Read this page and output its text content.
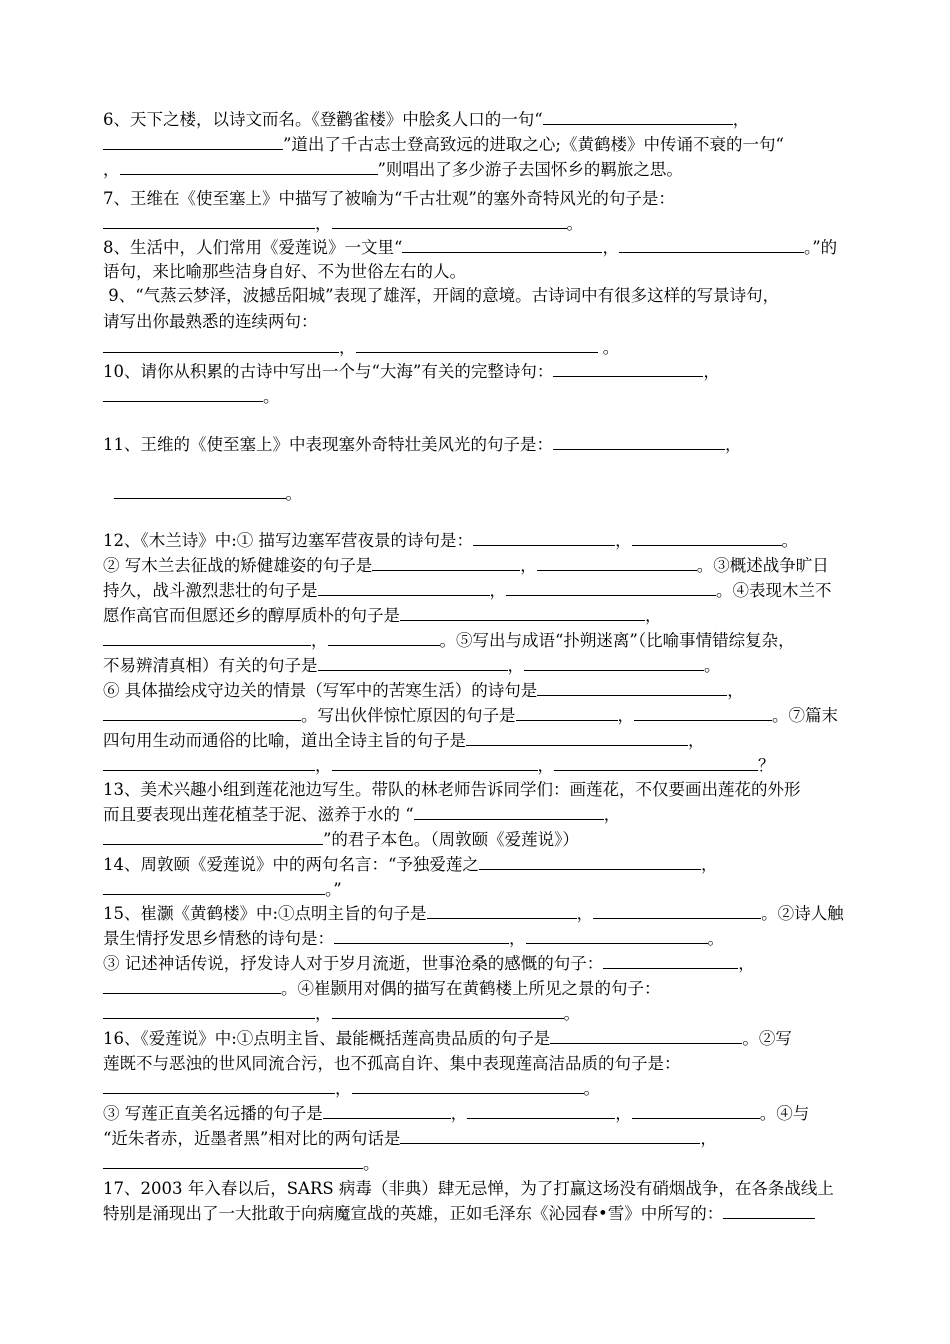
6、天下之楼，以诗文而名。《登鹳雀楼》中脍炙人口的一句“	，
”道出了千古志士登高致远的进取之心;《黄鹤楼》中传诵不衰的一句“
，	”则唱出了多少游子去国怀乡的羁旅之思。
7、王维在《使至塞上》中描写了被喻为“千古壮观”的塞外奇特风光的句子是：
，	。
8、生活中，人们常用《爱莲说》一文里“	，	。”的
语句，来比喻那些洁身自好、不为世俗左右的人。
9、“气蒸云梦泽，波撼岳阳城”表现了雄浑，开阔的意境。古诗词中有很多这样的写景诗句，
请写出你最熟悉的连续两句：
，	。
10、请你从积累的古诗中写出一个与“大海”有关的完整诗句：	，
。
11、王维的《使至塞上》中表现塞外奇特壮美风光的句子是：	，
。
12、《木兰诗》中:① 描写边塞军营夜景的诗句是：	，	。
② 写木兰去征战的矫健雄姿的句子是	，	。③概述战争旷日
持久，战斗激烈悲壮的句子是	，	。④表现木兰不
愿作高官而但愿还乡的醇厚质朴的句子是	，
，	。⑤写出与成语“扑朔迷离”（比喻事情错综复杂，
不易辨清真相）有关的句子是	，	。
⑥ 具体描绘戍守边关的情景（写军中的苦寒生活）的诗句是	，
。写出伙伴惊忙原因的句子是	，	。⑦篇末
四句用生动而通俗的比喻，道出全诗主旨的句子是	，
，	，	？
13、美术兴趣小组到莲花池边写生。带队的林老师告诉同学们：画莲花，不仅要画出莲花的外形
而且要表现出莲花植茎于泥、滋养于水的 “	，
”的君子本色。（周敦颐《爱莲说》）
14、周敦颐《爱莲说》中的两句名言：“予独爱莲之	，
。”
15、崔灏《黄鹤楼》中:①点明主旨的句子是	，	。②诗人触
景生情抒发思乡情愁的诗句是：	，	。
③ 记述神话传说，抒发诗人对于岁月流逝，世事沧桑的感慨的句子：	，
。④崔颢用对偶的描写在黄鹤楼上所见之景的句子：
，	。
16、《爱莲说》中:①点明主旨、最能概括莲高贵品质的句子是	。②写
莲既不与恶浊的世风同流合污，也不孤高自许、集中表现莲高洁品质的句子是：
，	。
③ 写莲正直美名远播的句子是	，	，	。④与
“近朱者赤，近墨者黑”相对比的两句话是	，
。
17、2003 年入春以后，SARS 病毒（非典）肆无忌惮，为了打赢这场没有硝烟战争，在各条战线上
特别是涌现出了一大批敢于向病魔宣战的英雄，正如毛泽东《沁园春•雪》中所写的：
